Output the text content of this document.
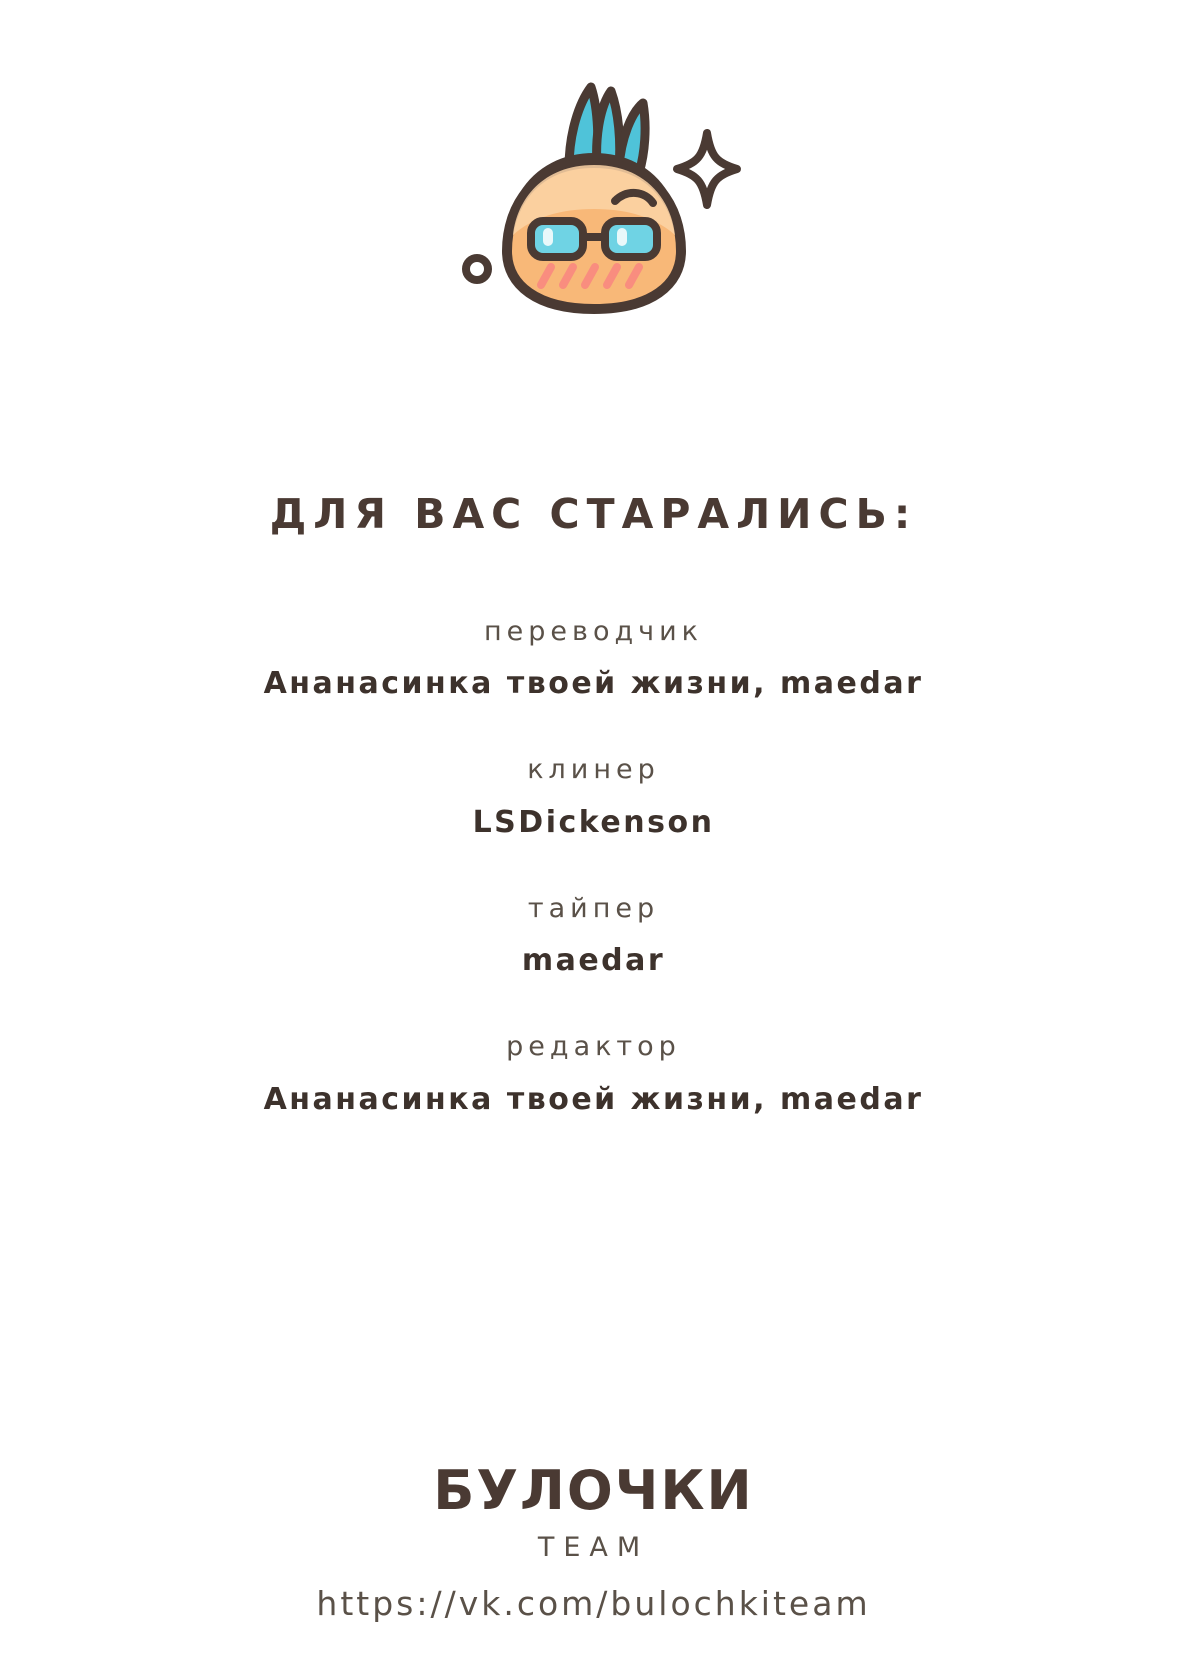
ДЛЯ ВАС СТАРАЛИСЬ:
переводчик
Ананасинка твоей жизни, maedar
клинер
LSDickenson
тайпер
maedar
редактор
Ананасинка твоей жизни, maedar
БУЛОЧКИ
TEAM
https://vk.com/bulochkiteam
